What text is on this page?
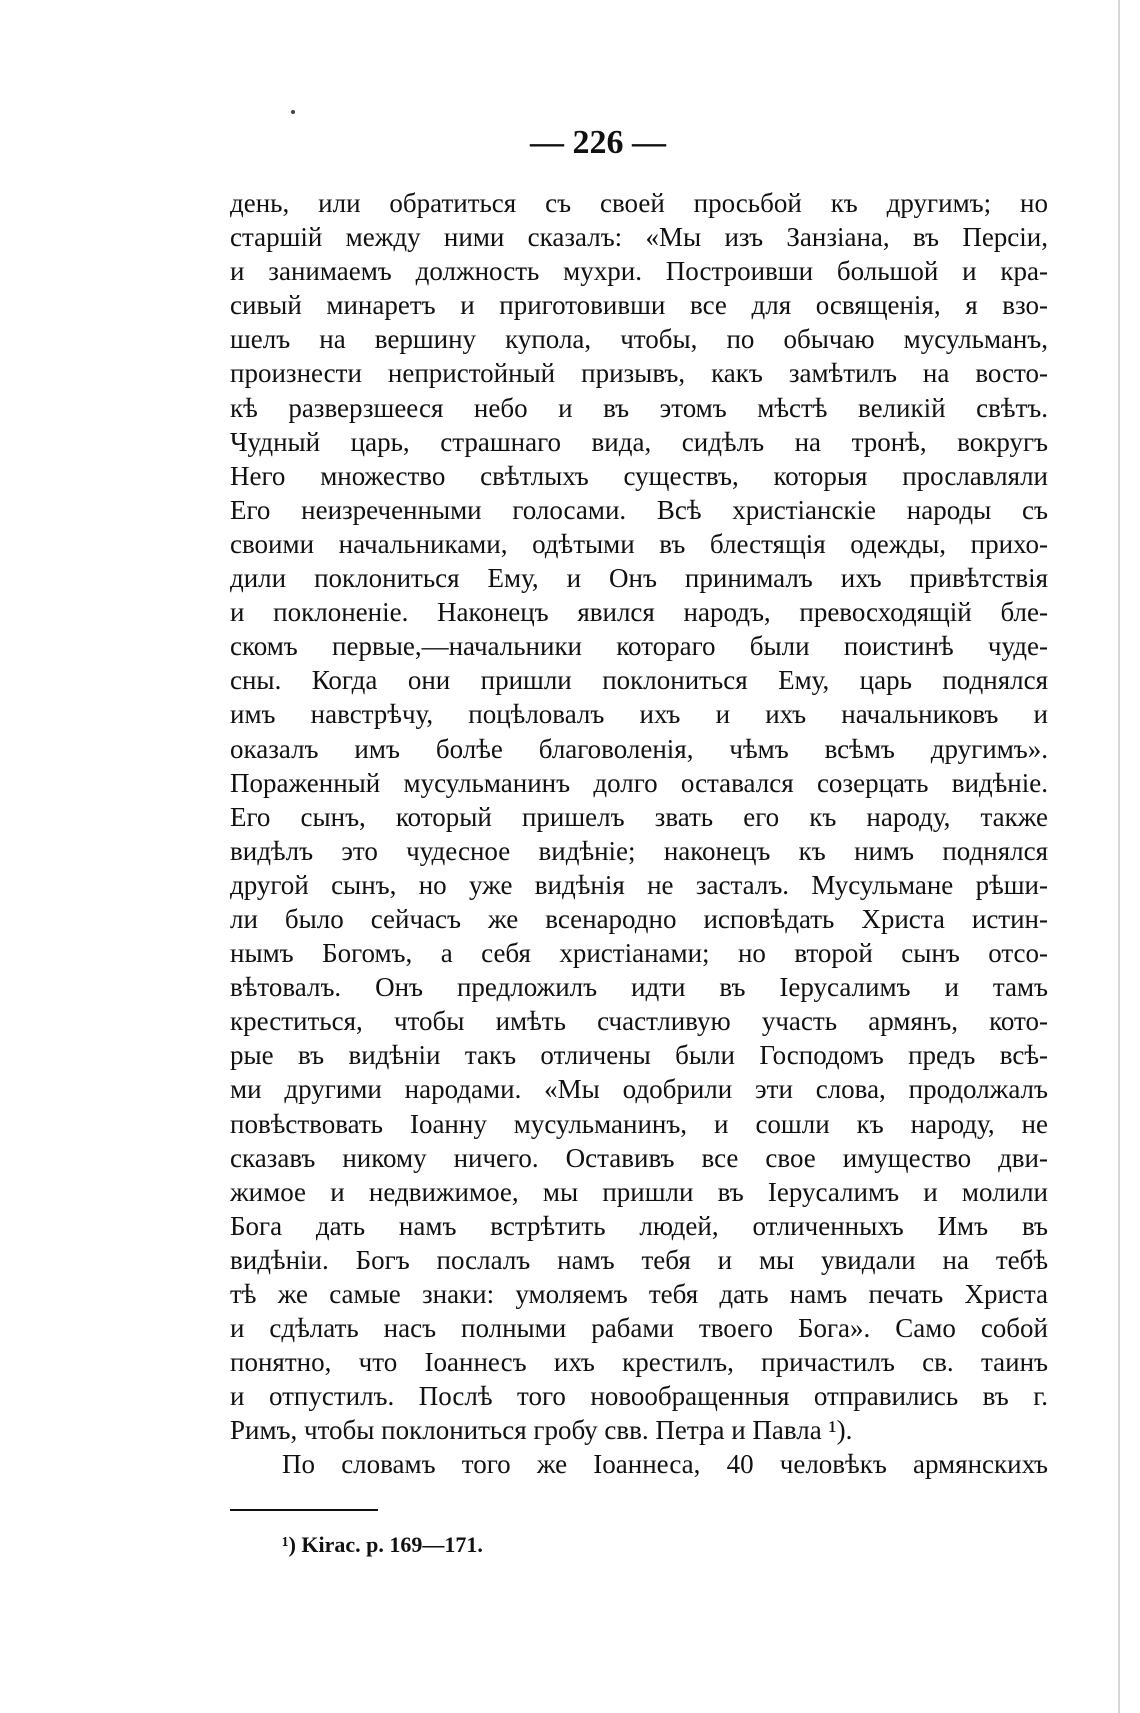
— 226 —
день, или обратиться съ своей просьбой къ другимъ; но
старшій между ними сказалъ: «Мы изъ Занзіана, въ Персіи,
и занимаемъ должность мухри. Построивши большой и кра-
сивый минаретъ и приготовивши все для освященія, я взо-
шелъ на вершину купола, чтобы, по обычаю мусульманъ,
произнести непристойный призывъ, какъ замѣтилъ на восто-
кѣ разверзшееся небо и въ этомъ мѣстѣ великій свѣтъ.
Чудный царь, страшнаго вида, сидѣлъ на тронѣ, вокругъ
Него множество свѣтлыхъ существъ, которыя прославляли
Его неизреченными голосами. Всѣ христіанскіе народы съ
своими начальниками, одѣтыми въ блестящія одежды, прихо-
дили поклониться Ему, и Онъ принималъ ихъ привѣтствія
и поклоненіе. Наконецъ явился народъ, превосходящій бле-
скомъ первые,—начальники котораго были поистинѣ чуде-
сны. Когда они пришли поклониться Ему, царь поднялся
имъ навстрѣчу, поцѣловалъ ихъ и ихъ начальниковъ и
оказалъ имъ болѣе благоволенія, чѣмъ всѣмъ другимъ».
Пораженный мусульманинъ долго оставался созерцать видѣніе.
Его сынъ, который пришелъ звать его къ народу, также
видѣлъ это чудесное видѣніе; наконецъ къ нимъ поднялся
другой сынъ, но уже видѣнія не засталъ. Мусульмане рѣши-
ли было сейчасъ же всенародно исповѣдать Христа истин-
нымъ Богомъ, а себя христіанами; но второй сынъ отсо-
вѣтовалъ. Онъ предложилъ идти въ Іерусалимъ и тамъ
креститься, чтобы имѣть счастливую участь армянъ, кото-
рые въ видѣніи такъ отличены были Господомъ предъ всѣ-
ми другими народами. «Мы одобрили эти слова, продолжалъ
повѣствовать Іоанну мусульманинъ, и сошли къ народу, не
сказавъ никому ничего. Оставивъ все свое имущество дви-
жимое и недвижимое, мы пришли въ Іерусалимъ и молили
Бога дать намъ встрѣтить людей, отличенныхъ Имъ въ
видѣніи. Богъ послалъ намъ тебя и мы увидали на тебѣ
тѣ же самые знаки: умоляемъ тебя дать намъ печать Христа
и сдѣлать насъ полными рабами твоего Бога». Само собой
понятно, что Іоаннесъ ихъ крестилъ, причастилъ св. таинъ
и отпустилъ. Послѣ того новообращенныя отправились въ г.
Римъ, чтобы поклониться гробу свв. Петра и Павла ¹).
По словамъ того же Іоаннеса, 40 человѣкъ армянскихъ
¹) Kirac. p. 169—171.
